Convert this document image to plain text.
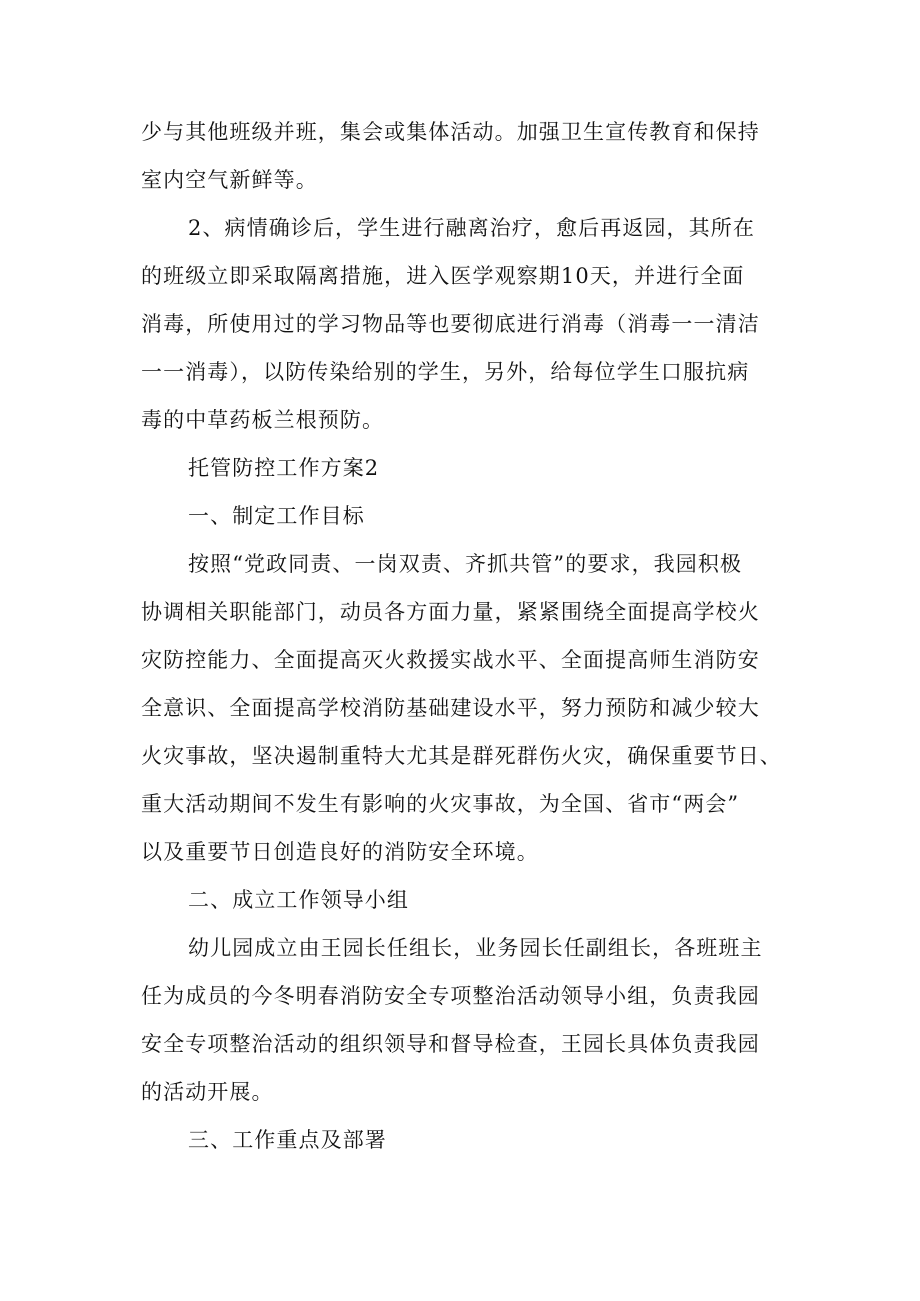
少与其他班级并班，集会或集体活动。加强卫生宣传教育和保持

室内空气新鲜等。

2、病情确诊后，学生进行融离治疗，愈后再返园，其所在

的班级立即采取隔离措施，进入医学观察期10天，并进行全面

消毒，所使用过的学习物品等也要彻底进行消毒（消毒一一清洁

一一消毒），以防传染给别的学生，另外，给每位学生口服抗病

毒的中草药板兰根预防。

托管防控工作方案2

一、制定工作目标

按照“党政同责、一岗双责、齐抓共管”的要求，我园积极

协调相关职能部门，动员各方面力量，紧紧围绕全面提高学校火

灾防控能力、全面提高灭火救援实战水平、全面提高师生消防安

全意识、全面提高学校消防基础建设水平，努力预防和减少较大

火灾事故，坚决遏制重特大尤其是群死群伤火灾，确保重要节日、

重大活动期间不发生有影响的火灾事故，为全国、省市“两会”

以及重要节日创造良好的消防安全环境。

二、成立工作领导小组

幼儿园成立由王园长任组长，业务园长任副组长，各班班主

任为成员的今冬明春消防安全专项整治活动领导小组，负责我园

安全专项整治活动的组织领导和督导检查，王园长具体负责我园

的活动开展。

三、工作重点及部署
